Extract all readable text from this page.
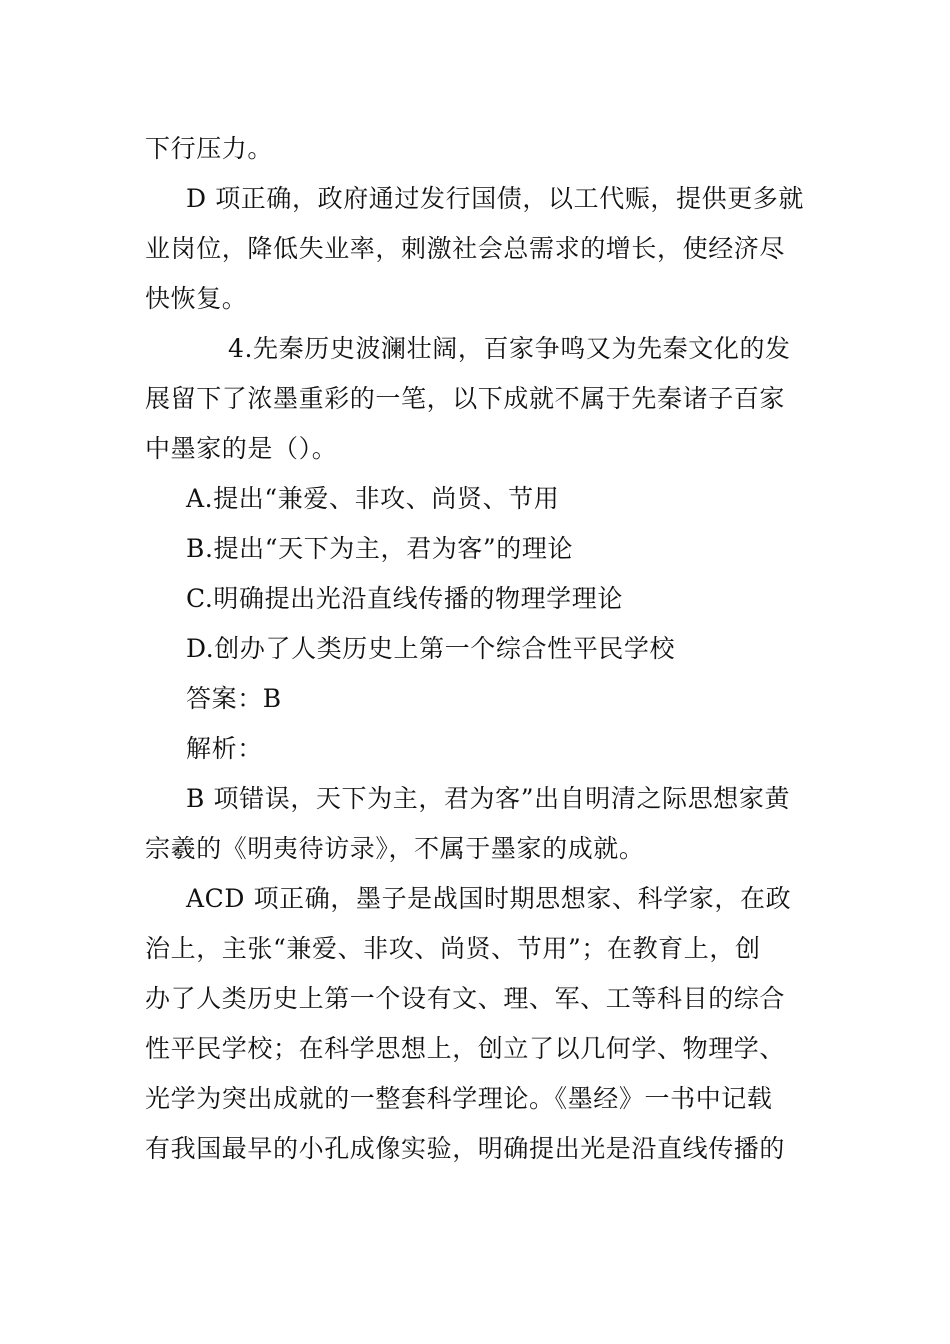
下行压力。
D 项正确，政府通过发行国债，以工代赈，提供更多就
业岗位，降低失业率，刺激社会总需求的增长，使经济尽
快恢复。
4.先秦历史波澜壮阔，百家争鸣又为先秦文化的发
展留下了浓墨重彩的一笔，以下成就不属于先秦诸子百家
中墨家的是（）。
A.提出“兼爱、非攻、尚贤、节用
B.提出“天下为主，君为客”的理论
C.明确提出光沿直线传播的物理学理论
D.创办了人类历史上第一个综合性平民学校
答案：B
解析：
B 项错误，天下为主，君为客”出自明清之际思想家黄
宗羲的《明夷待访录》，不属于墨家的成就。
ACD 项正确，墨子是战国时期思想家、科学家，在政
治上，主张“兼爱、非攻、尚贤、节用”；在教育上，创
办了人类历史上第一个设有文、理、军、工等科目的综合
性平民学校；在科学思想上，创立了以几何学、物理学、
光学为突出成就的一整套科学理论。《墨经》一书中记载
有我国最早的小孔成像实验，明确提出光是沿直线传播的
